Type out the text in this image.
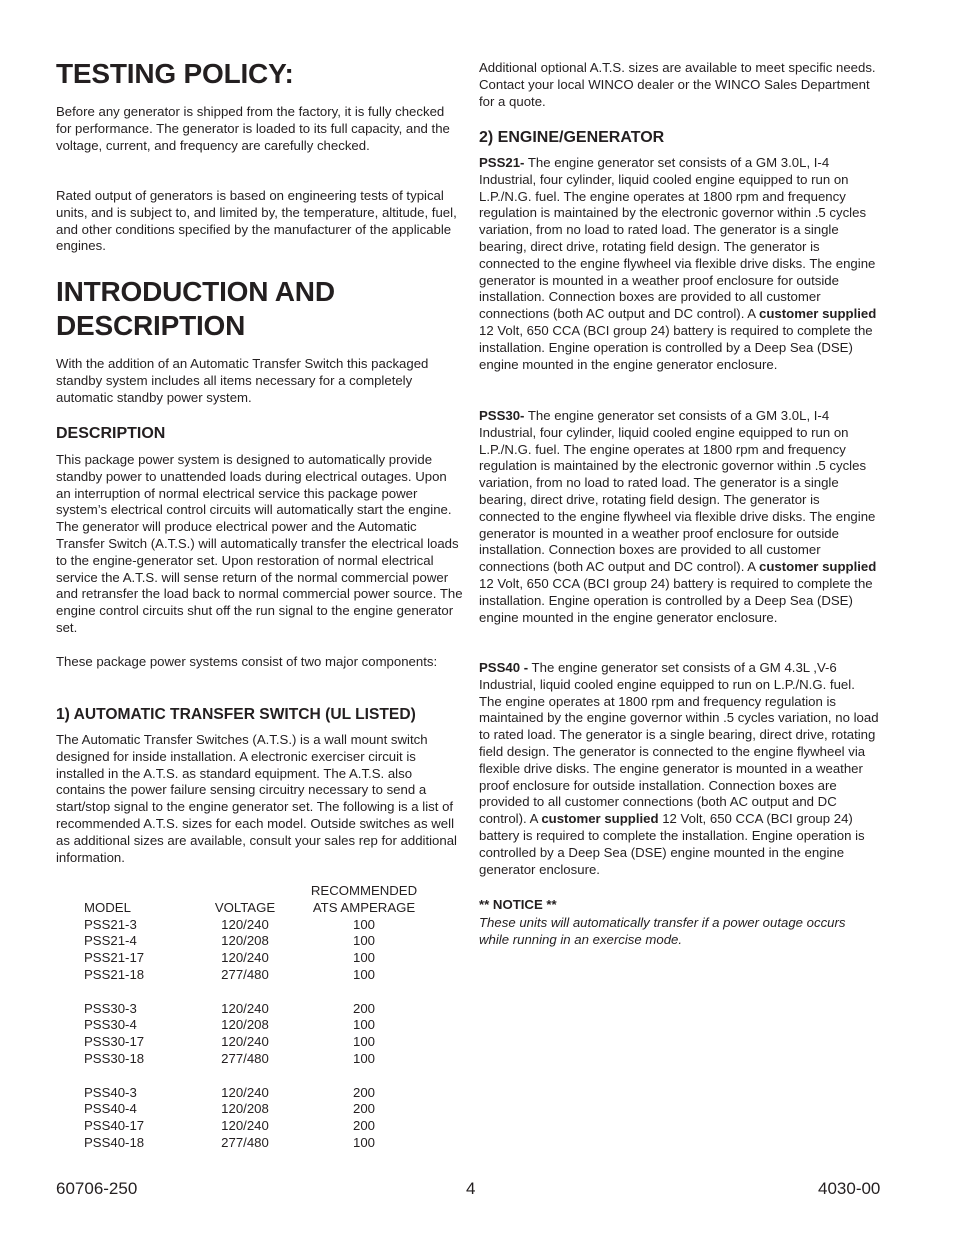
TESTING POLICY:

Before any generator is shipped from the factory, it is fully checked for performance. The generator is loaded to its full capacity, and the voltage, current, and frequency are carefully checked.

Rated output of generators is based on engineering tests of typical units, and is subject to, and limited by, the temperature, altitude, fuel, and other conditions specified by the manufacturer of the applicable engines.

INTRODUCTION AND
DESCRIPTION

With the addition of an Automatic Transfer Switch this packaged standby system includes all items necessary for a completely automatic standby power system.

DESCRIPTION

This package power system is designed to automatically provide standby power to unattended loads during electrical outages. Upon an interruption of normal electrical service this package power system’s electrical control circuits will automatically start the engine. The generator will produce electrical power and the Automatic Transfer Switch (A.T.S.) will automatically transfer the electrical loads to the engine-generator set. Upon restoration of normal electrical service the A.T.S. will sense return of the normal commercial power and retransfer the load back to normal commercial power source. The engine control circuits shut off the run signal to the engine generator set.

These package power systems consist of two major components:

1) AUTOMATIC TRANSFER SWITCH (UL LISTED)

The Automatic Transfer Switches (A.T.S.) is a wall mount switch designed for inside installation. A electronic exerciser circuit is installed in the A.T.S. as standard equipment. The A.T.S. also contains the power failure sensing circuitry necessary to send a start/stop signal to the engine generator set. The following is a list of recommended A.T.S. sizes for each model. Outside switches as well as additional sizes are available, consult your sales rep for additional information.

RECOMMENDED
MODEL	VOLTAGE	ATS AMPERAGE
PSS21-3	120/240	100
PSS21-4	120/208	100
PSS21-17	120/240	100
PSS21-18	277/480	100
PSS30-3	120/240	200
PSS30-4	120/208	100
PSS30-17	120/240	100
PSS30-18	277/480	100
PSS40-3	120/240	200
PSS40-4	120/208	200
PSS40-17	120/240	200
PSS40-18	277/480	100

Additional optional A.T.S. sizes are available to meet specific needs. Contact your local WINCO dealer or the WINCO Sales Department for a quote.

2) ENGINE/GENERATOR

PSS21- The engine generator set consists of a GM 3.0L, I-4 Industrial, four cylinder, liquid cooled engine equipped to run on L.P./N.G. fuel. The engine operates at 1800 rpm and frequency regulation is maintained by the electronic governor within .5 cycles variation, from no load to rated load. The generator is a single bearing, direct drive, rotating field design. The generator is connected to the engine flywheel via flexible drive disks. The engine generator is mounted in a weather proof enclosure for outside installation. Connection boxes are provided to all customer connections (both AC output and DC control). A customer supplied 12 Volt, 650 CCA (BCI group 24) battery is required to complete the installation. Engine operation is controlled by a Deep Sea (DSE) engine mounted in the engine generator enclosure.

PSS30- The engine generator set consists of a GM 3.0L, I-4 Industrial, four cylinder, liquid cooled engine equipped to run on L.P./N.G. fuel. The engine operates at 1800 rpm and frequency regulation is maintained by the electronic governor within .5 cycles variation, from no load to rated load. The generator is a single bearing, direct drive, rotating field design. The generator is connected to the engine flywheel via flexible drive disks. The engine generator is mounted in a weather proof enclosure for outside installation. Connection boxes are provided to all customer connections (both AC output and DC control). A customer supplied 12 Volt, 650 CCA (BCI group 24) battery is required to complete the installation. Engine operation is controlled by a Deep Sea (DSE) engine mounted in the engine generator enclosure.

PSS40 - The engine generator set consists of a GM 4.3L ,V-6 Industrial, liquid cooled engine equipped to run on L.P./N.G. fuel. The engine operates at 1800 rpm and frequency regulation is maintained by the engine governor within .5 cycles variation, no load to rated load. The generator is a single bearing, direct drive, rotating field design. The generator is connected to the engine flywheel via flexible drive disks. The engine generator is mounted in a weather proof enclosure for outside installation. Connection boxes are provided to all customer connections (both AC output and DC control). A customer supplied 12 Volt, 650 CCA (BCI group 24) battery is required to complete the installation. Engine operation is controlled by a Deep Sea (DSE) engine mounted in the engine generator enclosure.

** NOTICE **

These units will automatically transfer if a power outage occurs while running in an exercise mode.

60706-250	4	4030-00
